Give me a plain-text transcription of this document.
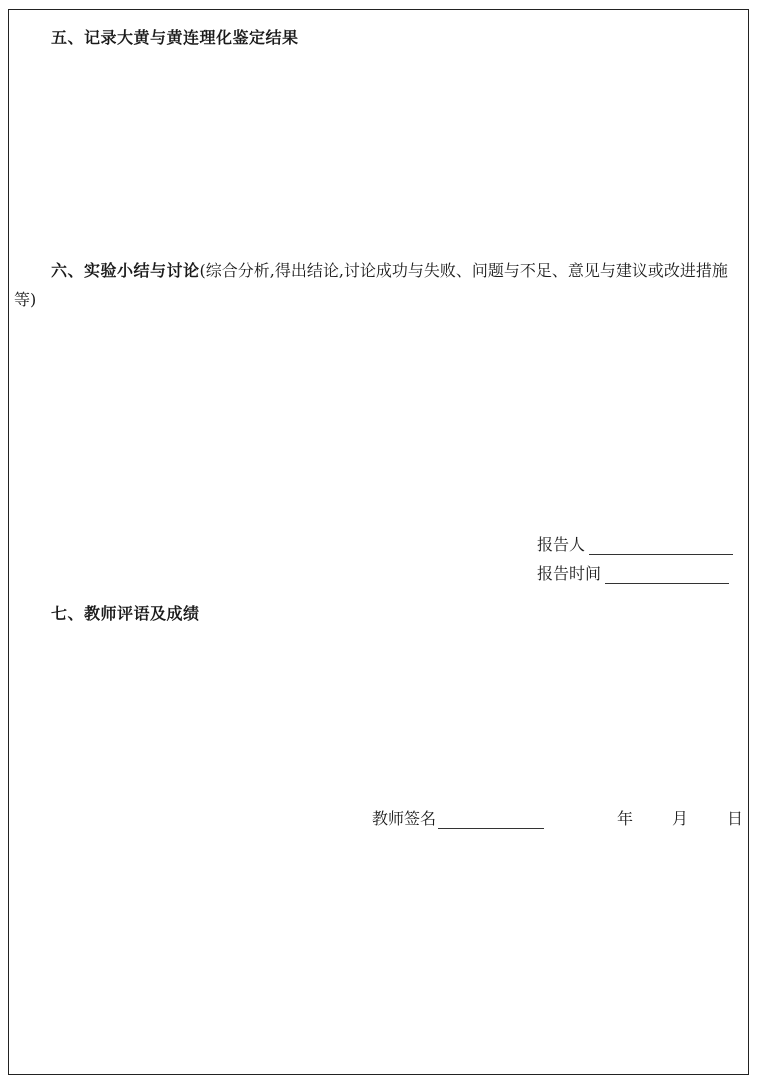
五、记录大黄与黄连理化鉴定结果
六、实验小结与讨论(综合分析,得出结论,讨论成功与失败、问题与不足、意见与建议或改进措施等)
报告人
报告时间
七、教师评语及成绩
教师签名	年 月 日
